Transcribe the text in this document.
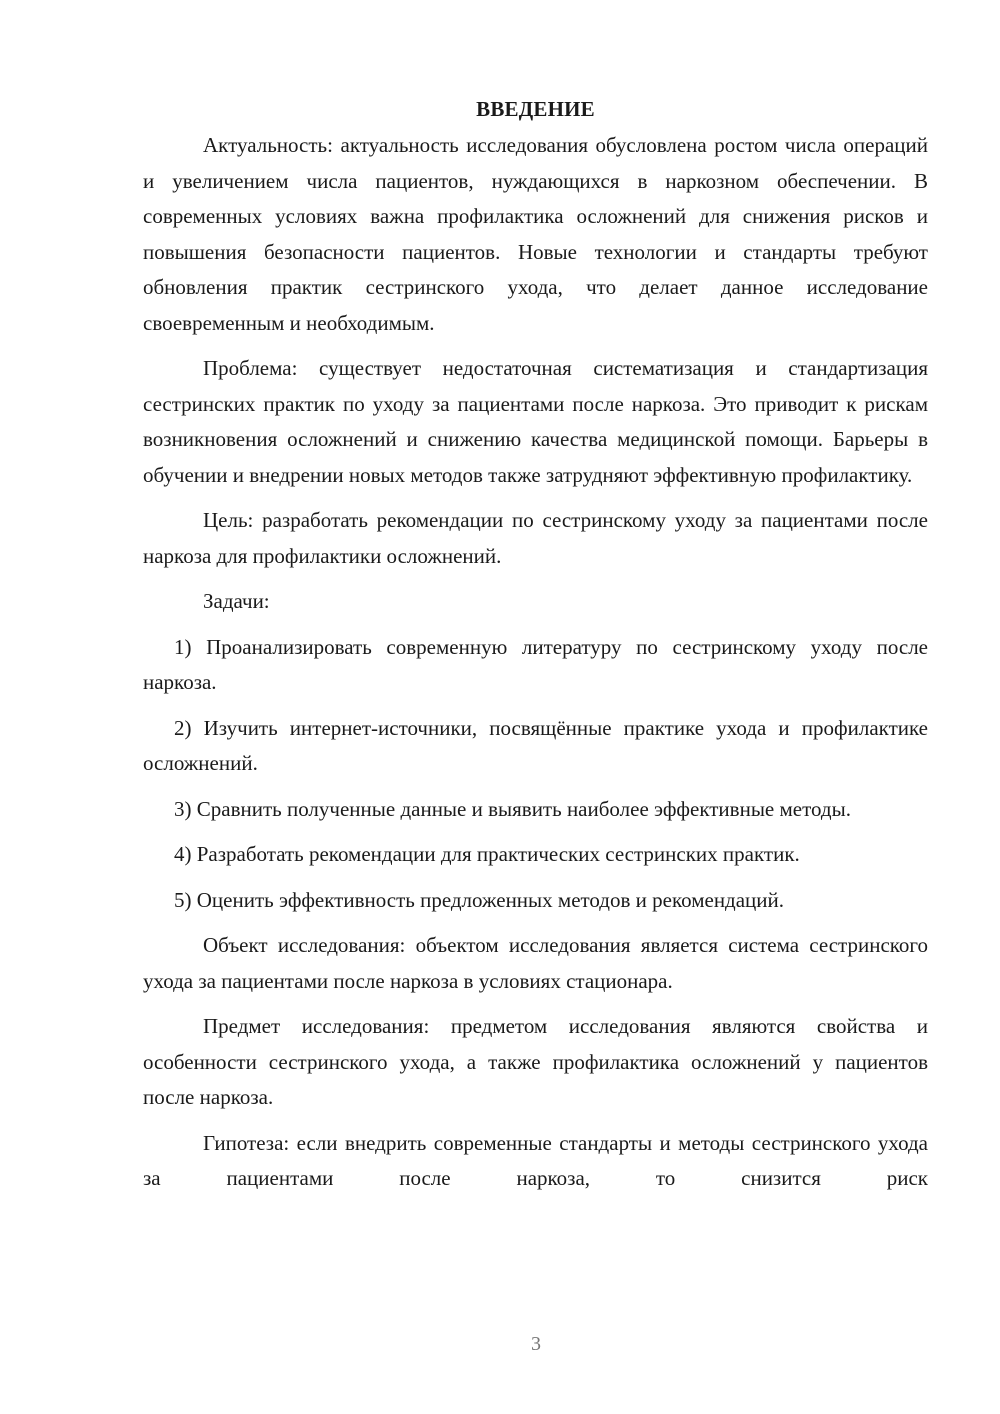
ВВЕДЕНИЕ

Актуальность: актуальность исследования обусловлена ростом числа операций и увеличением числа пациентов, нуждающихся в наркозном обеспечении. В современных условиях важна профилактика осложнений для снижения рисков и повышения безопасности пациентов. Новые технологии и стандарты требуют обновления практик сестринского ухода, что делает данное исследование своевременным и необходимым.

Проблема: существует недостаточная систематизация и стандартизация сестринских практик по уходу за пациентами после наркоза. Это приводит к рискам возникновения осложнений и снижению качества медицинской помощи. Барьеры в обучении и внедрении новых методов также затрудняют эффективную профилактику.

Цель: разработать рекомендации по сестринскому уходу за пациентами после наркоза для профилактики осложнений.

Задачи:

1) Проанализировать современную литературу по сестринскому уходу после наркоза.

2) Изучить интернет-источники, посвящённые практике ухода и профилактике осложнений.

3) Сравнить полученные данные и выявить наиболее эффективные методы.

4) Разработать рекомендации для практических сестринских практик.

5) Оценить эффективность предложенных методов и рекомендаций.

Объект исследования: объектом исследования является система сестринского ухода за пациентами после наркоза в условиях стационара.

Предмет исследования: предметом исследования являются свойства и особенности сестринского ухода, а также профилактика осложнений у пациентов после наркоза.

Гипотеза: если внедрить современные стандарты и методы сестринского ухода за пациентами после наркоза, то снизится риск

3
